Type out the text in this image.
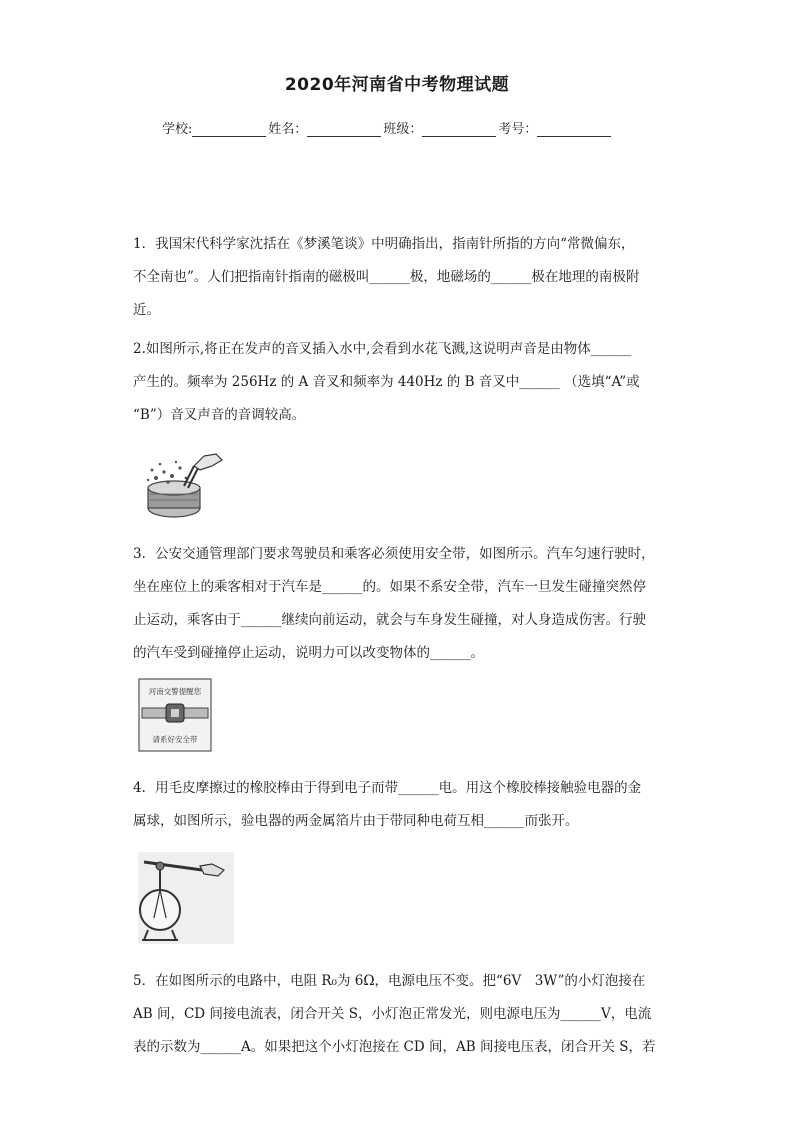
2020年河南省中考物理试题
学校:	姓名：	班级：	考号：

1．我国宋代科学家沈括在《梦溪笔谈》中明确指出，指南针所指的方向“常微偏东，

不全南也”。人们把指南针指南的磁极叫______极，地磁场的______极在地理的南极附

近。

2.如图所示,将正在发声的音叉插入水中,会看到水花飞溅,这说明声音是由物体______

产生的。频率为 256Hz 的 A 音叉和频率为 440Hz 的 B 音叉中______ （选填“A”或

“B”）音叉声音的音调较高。

3．公安交通管理部门要求驾驶员和乘客必须使用安全带，如图所示。汽车匀速行驶时，

坐在座位上的乘客相对于汽车是______的。如果不系安全带，汽车一旦发生碰撞突然停

止运动，乘客由于______继续向前运动，就会与车身发生碰撞，对人身造成伤害。行驶

的汽车受到碰撞停止运动，说明力可以改变物体的______。

河南交警提醒您
请系好安全带

4．用毛皮摩擦过的橡胶棒由于得到电子而带______电。用这个橡胶棒接触验电器的金

属球，如图所示，验电器的两金属箔片由于带同种电荷互相______而张开。

5．在如图所示的电路中，电阻 R₀为 6Ω，电源电压不变。把“6V　3W”的小灯泡接在

AB 间，CD 间接电流表，闭合开关 S，小灯泡正常发光，则电源电压为______V，电流

表的示数为______A。如果把这个小灯泡接在 CD 间，AB 间接电压表，闭合开关 S，若
